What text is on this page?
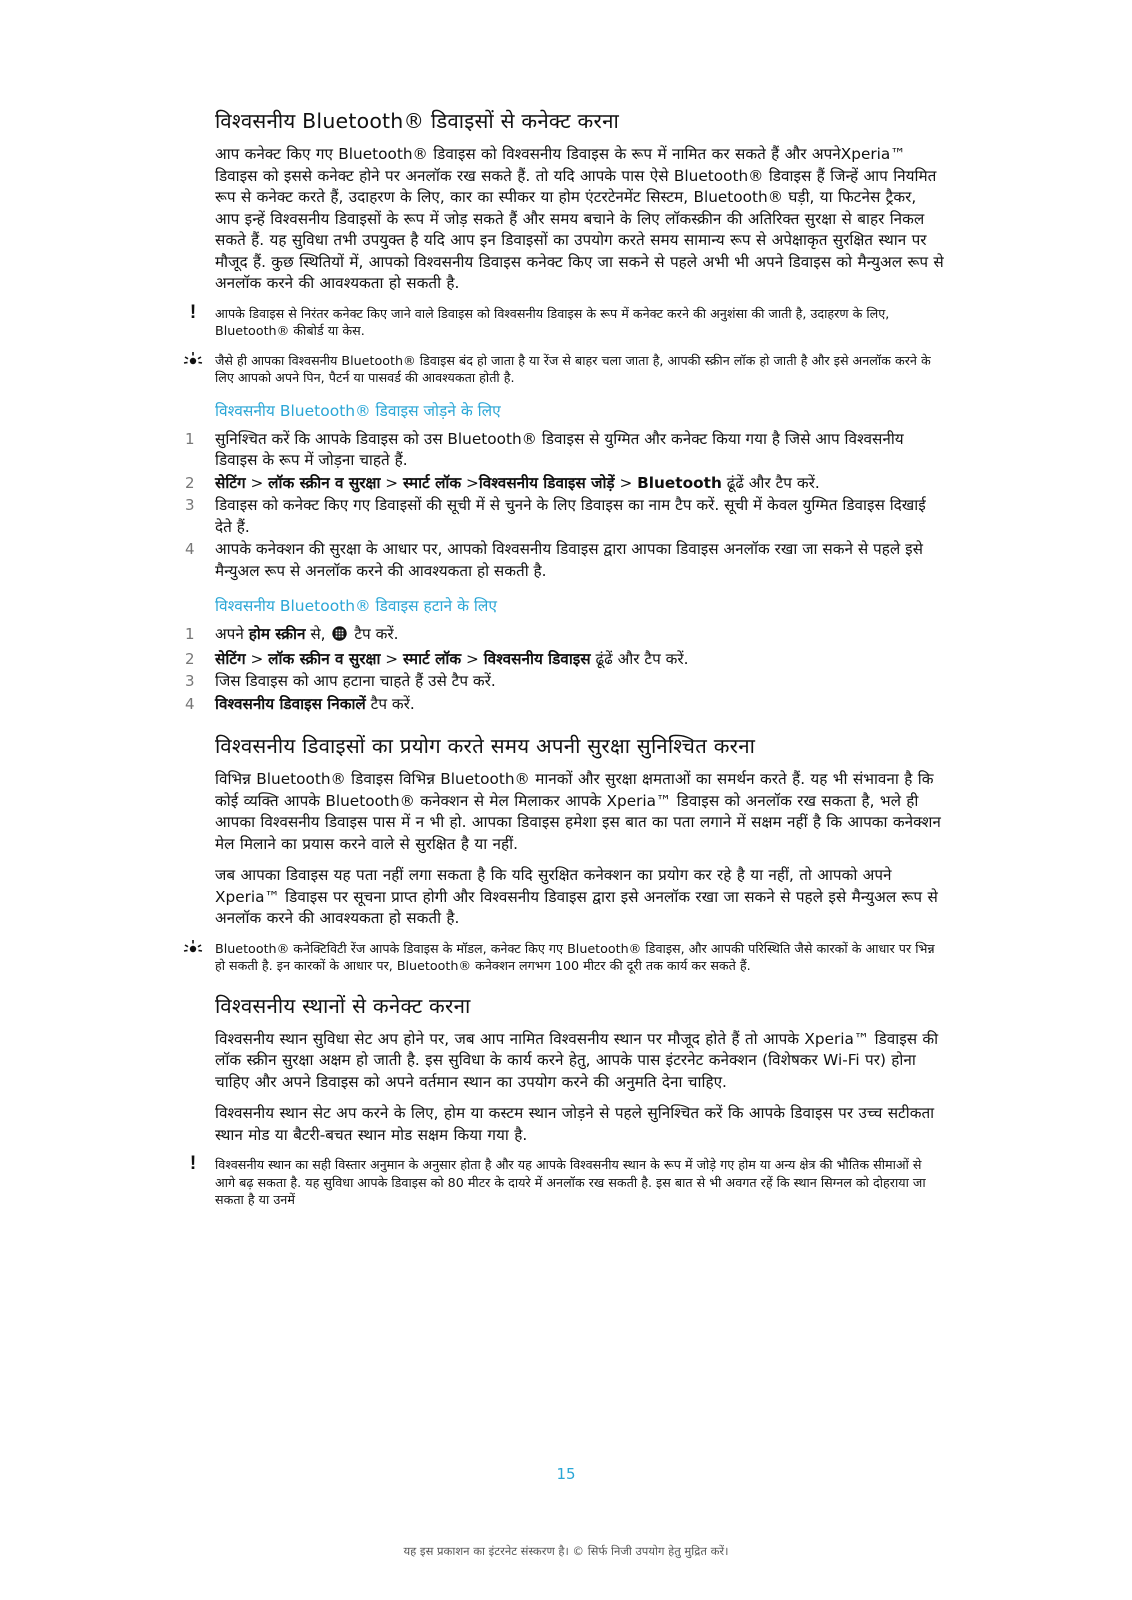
विश्वसनीय Bluetooth® डिवाइसों से कनेक्ट करना

आप कनेक्ट किए गए Bluetooth® डिवाइस को विश्वसनीय डिवाइस के रूप में नामित कर सकते हैं और अपनेXperia™ डिवाइस को इससे कनेक्ट होने पर अनलॉक रख सकते हैं. तो यदि आपके पास ऐसे Bluetooth® डिवाइस हैं जिन्हें आप नियमित रूप से कनेक्ट करते हैं, उदाहरण के लिए, कार का स्पीकर या होम एंटरटेनमेंट सिस्टम, Bluetooth® घड़ी, या फिटनेस ट्रैकर, आप इन्हें विश्वसनीय डिवाइसों के रूप में जोड़ सकते हैं और समय बचाने के लिए लॉकस्क्रीन की अतिरिक्त सुरक्षा से बाहर निकल सकते हैं. यह सुविधा तभी उपयुक्त है यदि आप इन डिवाइसों का उपयोग करते समय सामान्य रूप से अपेक्षाकृत सुरक्षित स्थान पर मौजूद हैं. कुछ स्थितियों में, आपको विश्वसनीय डिवाइस कनेक्ट किए जा सकने से पहले अभी भी अपने डिवाइस को मैन्युअल रूप से अनलॉक करने की आवश्यकता हो सकती है.

! आपके डिवाइस से निरंतर कनेक्ट किए जाने वाले डिवाइस को विश्वसनीय डिवाइस के रूप में कनेक्ट करने की अनुशंसा की जाती है, उदाहरण के लिए, Bluetooth® कीबोर्ड या केस.
जैसे ही आपका विश्वसनीय Bluetooth® डिवाइस बंद हो जाता है या रेंज से बाहर चला जाता है, आपकी स्क्रीन लॉक हो जाती है और इसे अनलॉक करने के लिए आपको अपने पिन, पैटर्न या पासवर्ड की आवश्यकता होती है.
विश्वसनीय Bluetooth® डिवाइस जोड़ने के लिए
1 सुनिश्चित करें कि आपके डिवाइस को उस Bluetooth® डिवाइस से युग्मित और कनेक्ट किया गया है जिसे आप विश्वसनीय डिवाइस के रूप में जोड़ना चाहते हैं.
2 सेटिंग > लॉक स्क्रीन व सुरक्षा > स्मार्ट लॉक >विश्वसनीय डिवाइस जोड़ें > Bluetooth ढूंढें और टैप करें.
3 डिवाइस को कनेक्ट किए गए डिवाइसों की सूची में से चुनने के लिए डिवाइस का नाम टैप करें. सूची में केवल युग्मित डिवाइस दिखाई देते हैं.
4 आपके कनेक्शन की सुरक्षा के आधार पर, आपको विश्वसनीय डिवाइस द्वारा आपका डिवाइस अनलॉक रखा जा सकने से पहले इसे मैन्युअल रूप से अनलॉक करने की आवश्यकता हो सकती है.
विश्वसनीय Bluetooth® डिवाइस हटाने के लिए
1 अपने होम स्क्रीन से, टैप करें.
2 सेटिंग > लॉक स्क्रीन व सुरक्षा > स्मार्ट लॉक > विश्वसनीय डिवाइस ढूंढें और टैप करें.
3 जिस डिवाइस को आप हटाना चाहते हैं उसे टैप करें.
4 विश्वसनीय डिवाइस निकालें टैप करें.
विश्वसनीय डिवाइसों का प्रयोग करते समय अपनी सुरक्षा सुनिश्चित करना

विभिन्न Bluetooth® डिवाइस विभिन्न Bluetooth® मानकों और सुरक्षा क्षमताओं का समर्थन करते हैं. यह भी संभावना है कि कोई व्यक्ति आपके Bluetooth® कनेक्शन से मेल मिलाकर आपके Xperia™ डिवाइस को अनलॉक रख सकता है, भले ही आपका विश्वसनीय डिवाइस पास में न भी हो. आपका डिवाइस हमेशा इस बात का पता लगाने में सक्षम नहीं है कि आपका कनेक्शन मेल मिलाने का प्रयास करने वाले से सुरक्षित है या नहीं.

जब आपका डिवाइस यह पता नहीं लगा सकता है कि यदि सुरक्षित कनेक्शन का प्रयोग कर रहे है या नहीं, तो आपको अपने Xperia™ डिवाइस पर सूचना प्राप्त होगी और विश्वसनीय डिवाइस द्वारा इसे अनलॉक रखा जा सकने से पहले इसे मैन्युअल रूप से अनलॉक करने की आवश्यकता हो सकती है.

Bluetooth® कनेक्टिविटी रेंज आपके डिवाइस के मॉडल, कनेक्ट किए गए Bluetooth® डिवाइस, और आपकी परिस्थिति जैसे कारकों के आधार पर भिन्न हो सकती है. इन कारकों के आधार पर, Bluetooth® कनेक्शन लगभग 100 मीटर की दूरी तक कार्य कर सकते हैं.
विश्वसनीय स्थानों से कनेक्ट करना

विश्वसनीय स्थान सुविधा सेट अप होने पर, जब आप नामित विश्वसनीय स्थान पर मौजूद होते हैं तो आपके Xperia™ डिवाइस की लॉक स्क्रीन सुरक्षा अक्षम हो जाती है. इस सुविधा के कार्य करने हेतु, आपके पास इंटरनेट कनेक्शन (विशेषकर Wi-Fi पर) होना चाहिए और अपने डिवाइस को अपने वर्तमान स्थान का उपयोग करने की अनुमति देना चाहिए.

विश्वसनीय स्थान सेट अप करने के लिए, होम या कस्टम स्थान जोड़ने से पहले सुनिश्चित करें कि आपके डिवाइस पर उच्च सटीकता स्थान मोड या बैटरी-बचत स्थान मोड सक्षम किया गया है.

! विश्वसनीय स्थान का सही विस्तार अनुमान के अनुसार होता है और यह आपके विश्वसनीय स्थान के रूप में जोड़े गए होम या अन्य क्षेत्र की भौतिक सीमाओं से आगे बढ़ सकता है. यह सुविधा आपके डिवाइस को 80 मीटर के दायरे में अनलॉक रख सकती है. इस बात से भी अवगत रहें कि स्थान सिग्नल को दोहराया जा सकता है या उनमें
15
यह इस प्रकाशन का इंटरनेट संस्करण है। © सिर्फ निजी उपयोग हेतु मुद्रित करें।
